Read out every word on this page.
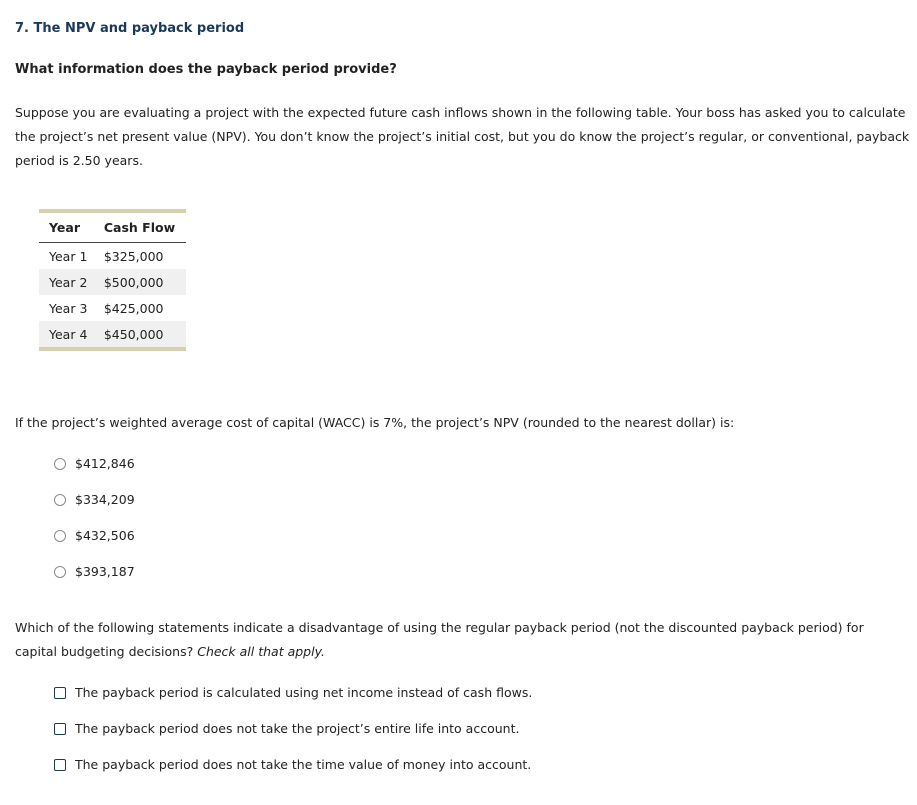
7. The NPV and payback period
What information does the payback period provide?
Suppose you are evaluating a project with the expected future cash inflows shown in the following table. Your boss has asked you to calculate the project’s net present value (NPV). You don’t know the project’s initial cost, but you do know the project’s regular, or conventional, payback period is 2.50 years.
Year	Cash Flow
Year 1	$325,000
Year 2	$500,000
Year 3	$425,000
Year 4	$450,000
If the project’s weighted average cost of capital (WACC) is 7%, the project’s NPV (rounded to the nearest dollar) is:
$412,846
$334,209
$432,506
$393,187
Which of the following statements indicate a disadvantage of using the regular payback period (not the discounted payback period) for capital budgeting decisions? Check all that apply.
The payback period is calculated using net income instead of cash flows.
The payback period does not take the project’s entire life into account.
The payback period does not take the time value of money into account.
